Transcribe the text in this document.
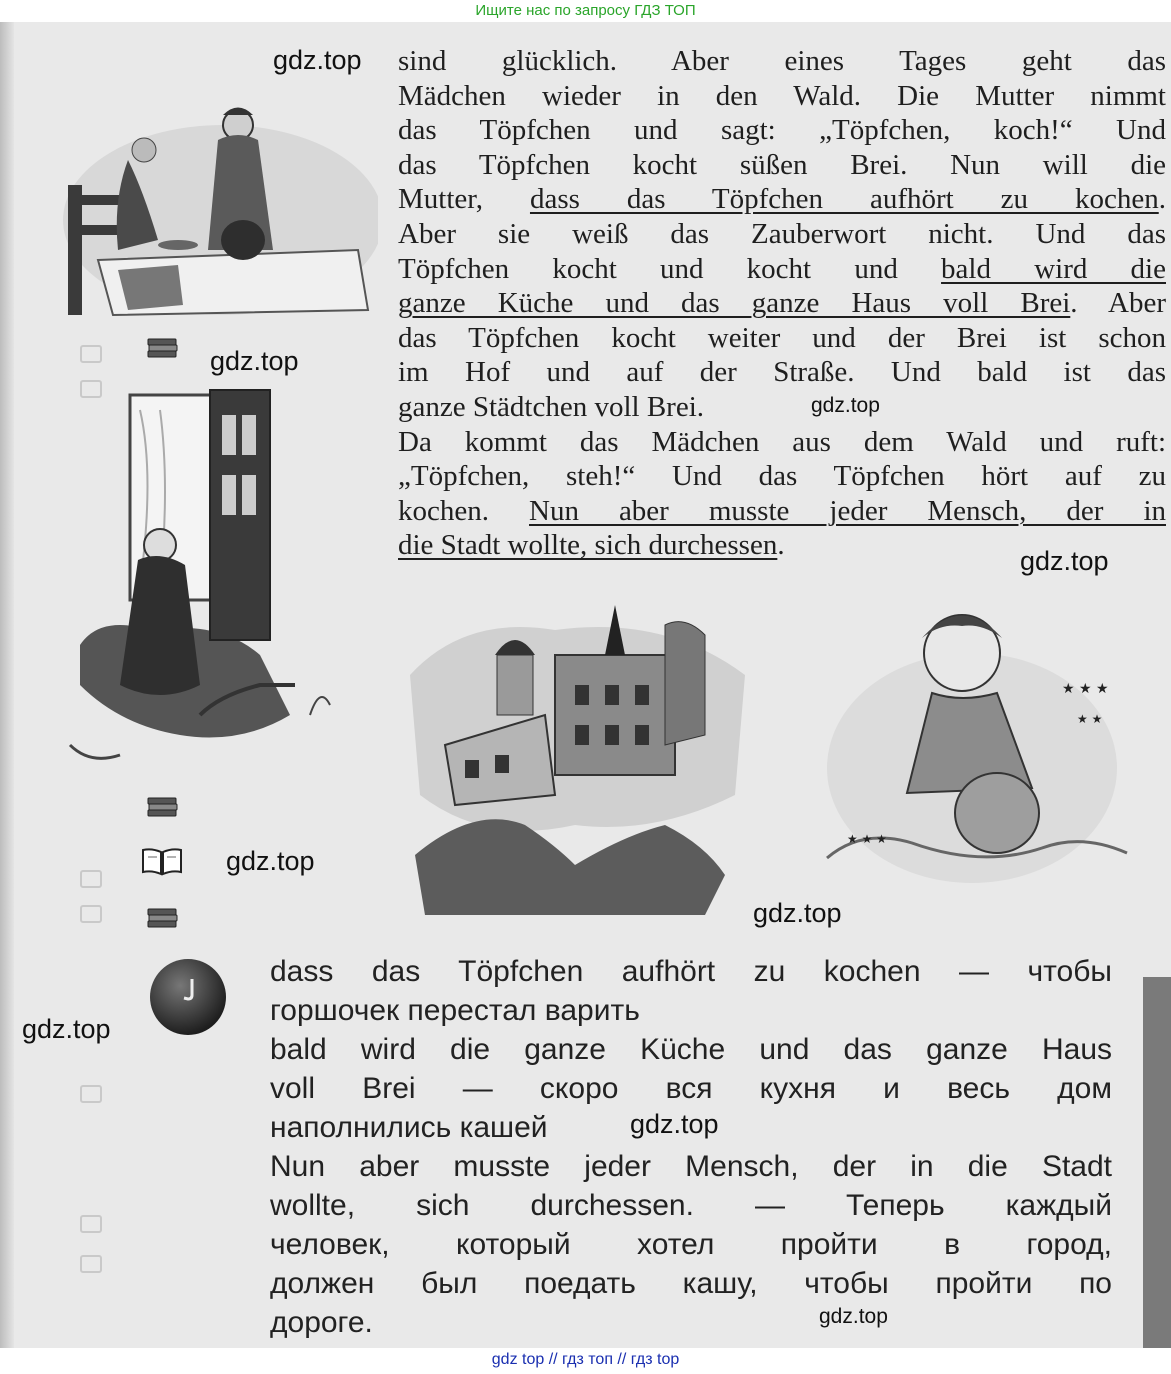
Ищите нас по запросу ГДЗ ТОП
★ ★ ★
★ ★
★ ★ ★
sind glücklich. Aber eines Tages geht das
Mädchen wieder in den Wald. Die Mutter nimmt
das Töpfchen und sagt: „Töpfchen, koch!“ Und
das Töpfchen kocht süßen Brei. Nun will die
Mutter, dass das Töpfchen aufhört zu kochen.
Aber sie weiß das Zauberwort nicht. Und das
Töpfchen kocht und kocht und bald wird die
ganze Küche und das ganze Haus voll Brei. Aber
das Töpfchen kocht weiter und der Brei ist schon
im Hof und auf der Straße. Und bald ist das
ganze Städtchen voll Brei.
Da kommt das Mädchen aus dem Wald und ruft:
„Töpfchen, steh!“ Und das Töpfchen hört auf zu
kochen. Nun aber musste jeder Mensch, der in
die Stadt wollte, sich durchessen.
dass das Töpfchen aufhört zu kochen — чтобы
горшочек перестал варить
bald wird die ganze Küche und das ganze Haus
voll Brei — скоро вся кухня и весь дом
наполнились кашей
Nun aber musste jeder Mensch, der in die Stadt
wollte, sich durchessen. — Теперь каждый
человек, который хотел пройти в город,
должен был поедать кашу, чтобы пройти по
дороге.
gdz.top
gdz.top
gdz.top
gdz.top
gdz.top
gdz.top
gdz.top
gdz.top
gdz.top
gdz top // гдз топ // гдз top
